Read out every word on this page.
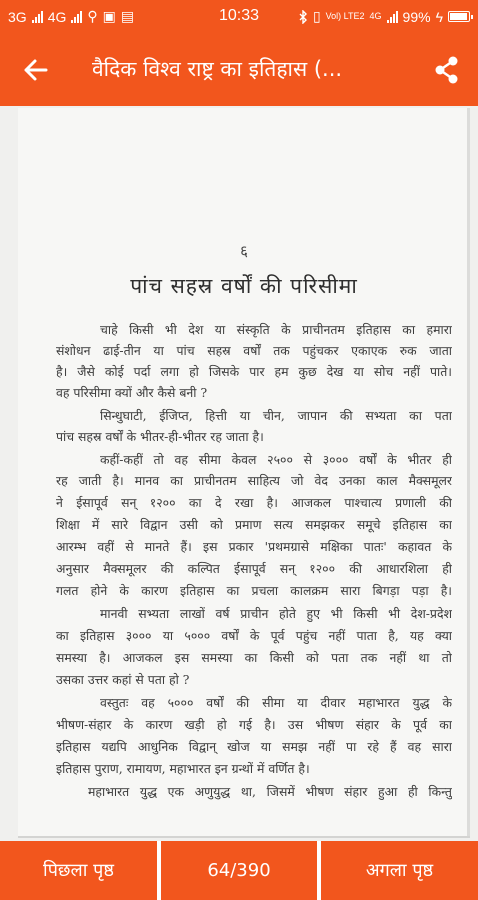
3G 4G ⚲ ▣ ▤	10:33	▯ Vol) LTE2 4G 99% ϟ
वैदिक विश्व राष्ट्र का इतिहास (...
६
पांच सहस्र वर्षों की परिसीमा
चाहे किसी भी देश या संस्कृति के प्राचीनतम इतिहास का हमारा
संशोधन ढाई-तीन या पांच सहस्र वर्षों तक पहुंचकर एकाएक रुक जाता
है। जैसे कोई पर्दा लगा हो जिसके पार हम कुछ देख या सोच नहीं पाते।
वह परिसीमा क्यों और कैसे बनी ?
सिन्धुघाटी, ईजिप्त, हित्ती या चीन, जापान की सभ्यता का पता
पांच सहस्र वर्षों के भीतर-ही-भीतर रह जाता है।
कहीं-कहीं तो वह सीमा केवल २५०० से ३००० वर्षों के भीतर ही
रह जाती है। मानव का प्राचीनतम साहित्य जो वेद उनका काल मैक्समूलर
ने ईसापूर्व सन् १२०० का दे रखा है। आजकल पाश्चात्य प्रणाली की
शिक्षा में सारे विद्वान उसी को प्रमाण सत्य समझकर समूचे इतिहास का
आरम्भ वहीं से मानते हैं। इस प्रकार 'प्रथमग्रासे मक्षिका पातः' कहावत के
अनुसार मैक्समूलर की कल्पित ईसापूर्व सन् १२०० की आधारशिला ही
गलत होने के कारण इतिहास का प्रचला कालक्रम सारा बिगड़ा पड़ा है।
मानवी सभ्यता लाखों वर्ष प्राचीन होते हुए भी किसी भी देश-प्रदेश
का इतिहास ३००० या ५००० वर्षों के पूर्व पहुंच नहीं पाता है, यह क्या
समस्या है। आजकल इस समस्या का किसी को पता तक नहीं था तो
उसका उत्तर कहां से पता हो ?
वस्तुतः वह ५००० वर्षों की सीमा या दीवार महाभारत युद्ध के
भीषण-संहार के कारण खड़ी हो गई है। उस भीषण संहार के पूर्व का
इतिहास यद्यपि आधुनिक विद्वान् खोज या समझ नहीं पा रहे हैं वह सारा
इतिहास पुराण, रामायण, महाभारत इन ग्रन्थों में वर्णित है।
महाभारत युद्ध एक अणुयुद्ध था, जिसमें भीषण संहार हुआ ही किन्तु
पिछला पृष्ठ	64/390	अगला पृष्ठ
